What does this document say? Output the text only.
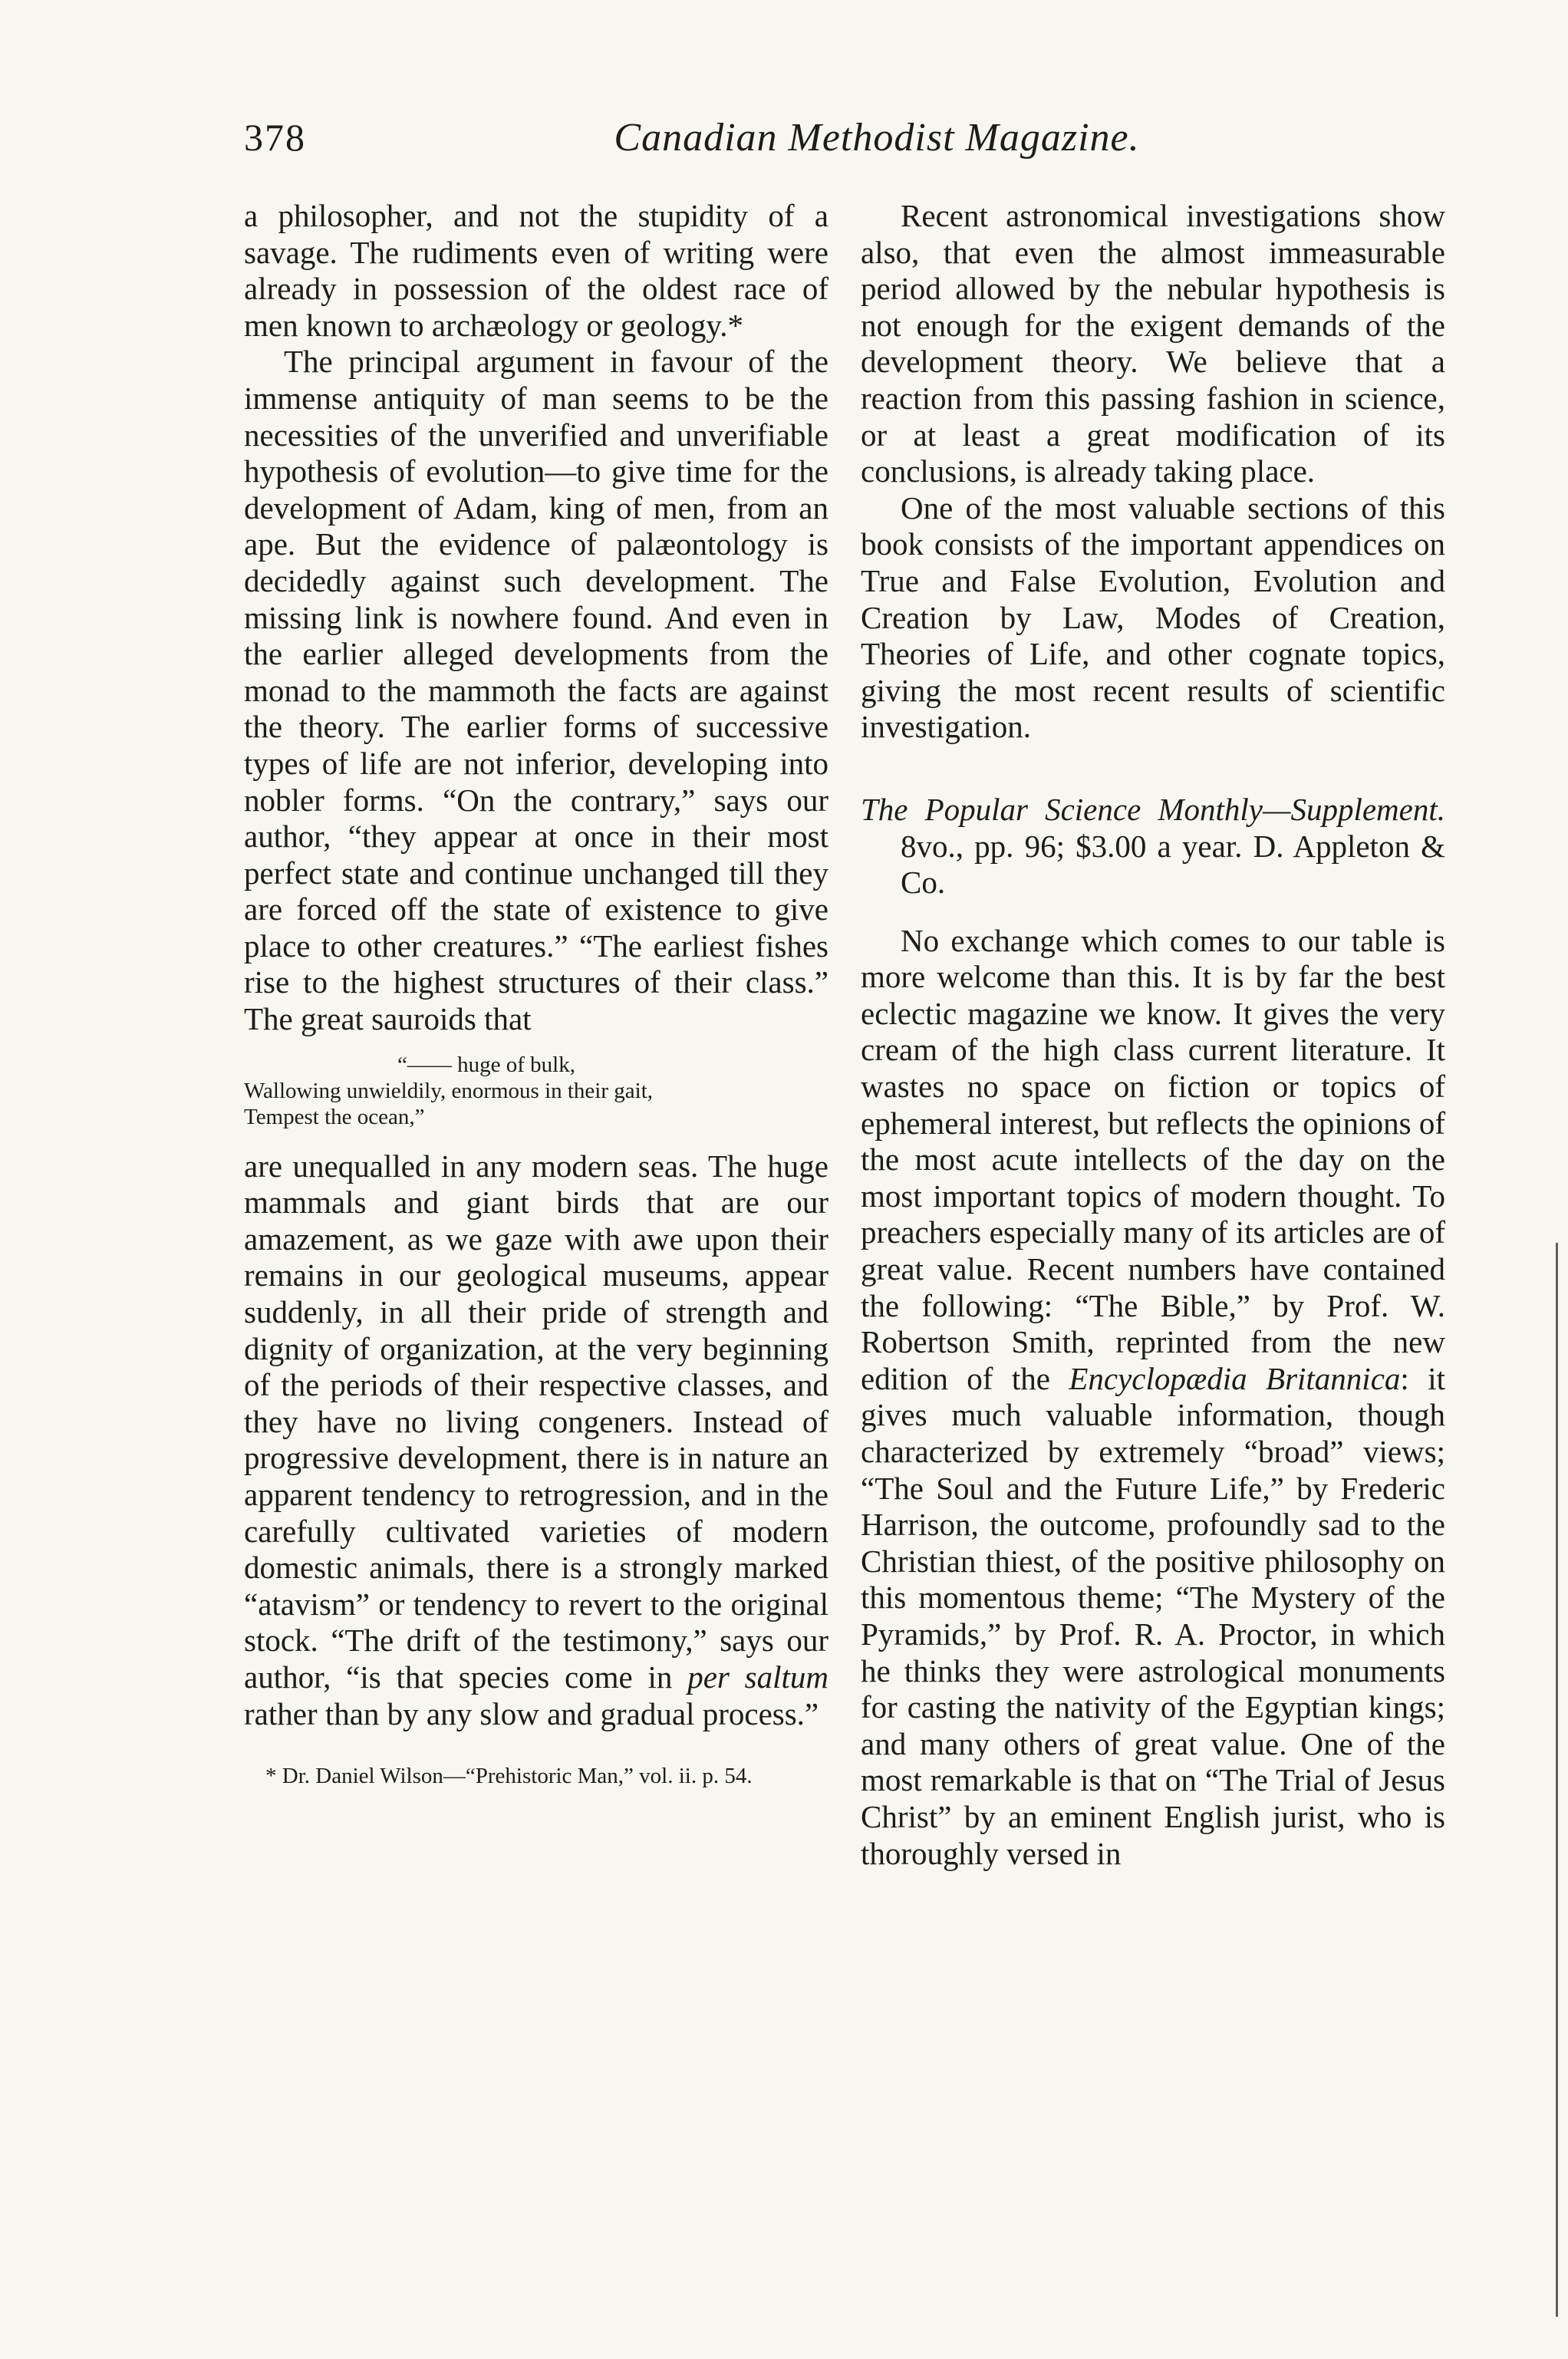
378	Canadian Methodist Magazine.

a philosopher, and not the stupidity of a savage. The rudiments even of writing were already in possession of the oldest race of men known to archæology or geology.*

The principal argument in favour of the immense antiquity of man seems to be the necessities of the unverified and unverifiable hypothesis of evolution—to give time for the development of Adam, king of men, from an ape. But the evidence of palæontology is decidedly against such development. The missing link is nowhere found. And even in the earlier alleged developments from the monad to the mammoth the facts are against the theory. The earlier forms of successive types of life are not inferior, developing into nobler forms. “On the contrary,” says our author, “they appear at once in their most perfect state and continue unchanged till they are forced off the state of existence to give place to other creatures.” “The earliest fishes rise to the highest structures of their class.” The great sauroids that

“—— huge of bulk,
Wallowing unwieldily, enormous in their gait,
Tempest the ocean,”

are unequalled in any modern seas. The huge mammals and giant birds that are our amazement, as we gaze with awe upon their remains in our geological museums, appear suddenly, in all their pride of strength and dignity of organization, at the very beginning of the periods of their respective classes, and they have no living congeners. Instead of progressive development, there is in nature an apparent tendency to retrogression, and in the carefully cultivated varieties of modern domestic animals, there is a strongly marked “atavism” or tendency to revert to the original stock. “The drift of the testimony,” says our author, “is that species come in per saltum rather than by any slow and gradual process.”

* Dr. Daniel Wilson—“Prehistoric Man,” vol. ii. p. 54.

Recent astronomical investigations show also, that even the almost immeasurable period allowed by the nebular hypothesis is not enough for the exigent demands of the development theory. We believe that a reaction from this passing fashion in science, or at least a great modification of its conclusions, is already taking place.

One of the most valuable sections of this book consists of the important appendices on True and False Evolution, Evolution and Creation by Law, Modes of Creation, Theories of Life, and other cognate topics, giving the most recent results of scientific investigation.

The Popular Science Monthly—Supplement. 8vo., pp. 96; $3.00 a year. D. Appleton & Co.

No exchange which comes to our table is more welcome than this. It is by far the best eclectic magazine we know. It gives the very cream of the high class current literature. It wastes no space on fiction or topics of ephemeral interest, but reflects the opinions of the most acute intellects of the day on the most important topics of modern thought. To preachers especially many of its articles are of great value. Recent numbers have contained the following: “The Bible,” by Prof. W. Robertson Smith, reprinted from the new edition of the Encyclopædia Britannica: it gives much valuable information, though characterized by extremely “broad” views; “The Soul and the Future Life,” by Frederic Harrison, the outcome, profoundly sad to the Christian thiest, of the positive philosophy on this momentous theme; “The Mystery of the Pyramids,” by Prof. R. A. Proctor, in which he thinks they were astrological monuments for casting the nativity of the Egyptian kings; and many others of great value. One of the most remarkable is that on “The Trial of Jesus Christ” by an eminent English jurist, who is thoroughly versed in
